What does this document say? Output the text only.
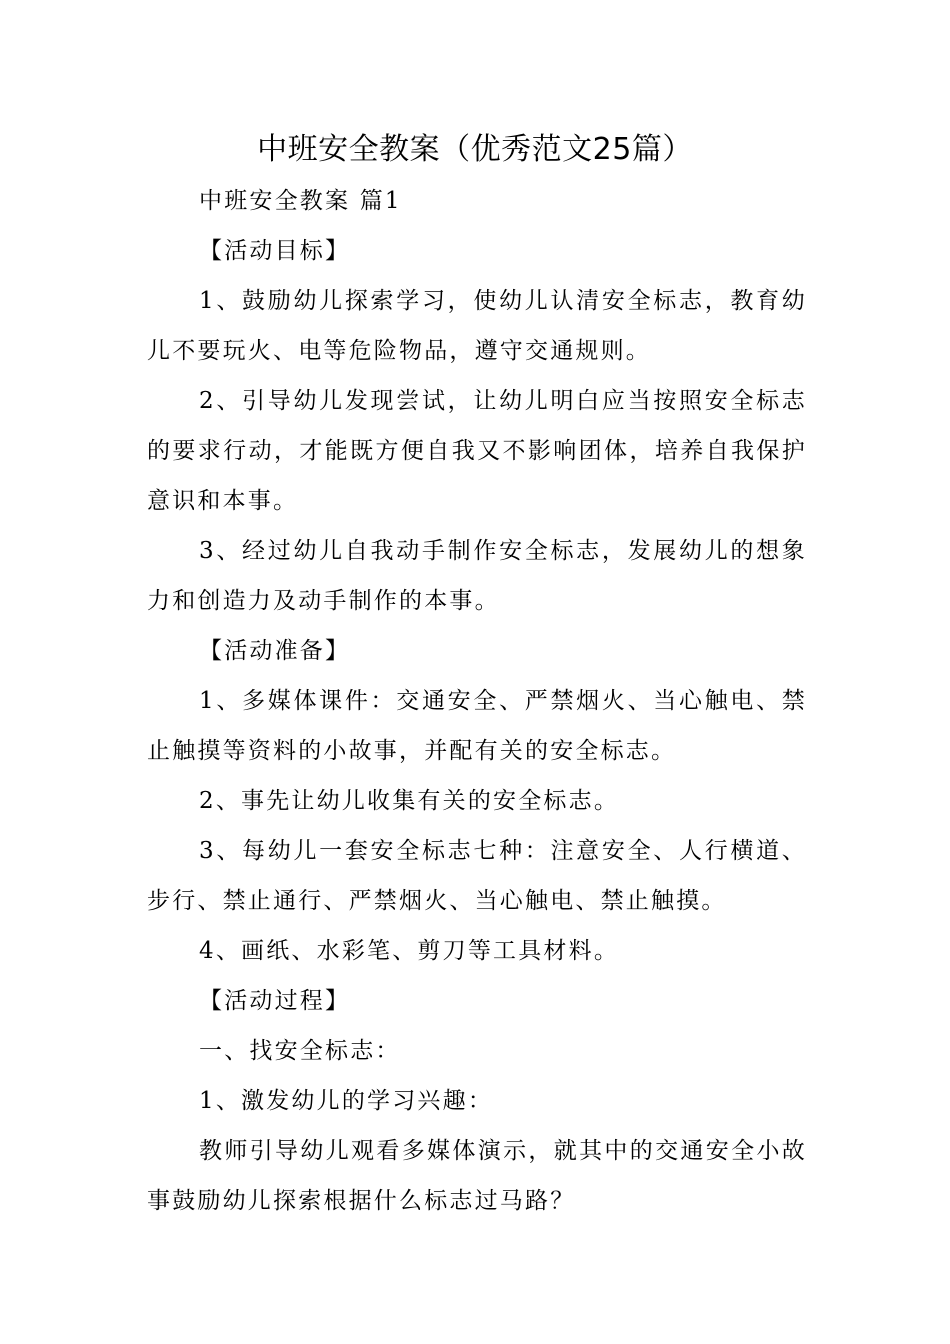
中班安全教案（优秀范文25篇）

中班安全教案 篇1

【活动目标】

1、鼓励幼儿探索学习，使幼儿认清安全标志，教育幼儿不要玩火、电等危险物品，遵守交通规则。

2、引导幼儿发现尝试，让幼儿明白应当按照安全标志的要求行动，才能既方便自我又不影响团体，培养自我保护意识和本事。

3、经过幼儿自我动手制作安全标志，发展幼儿的想象力和创造力及动手制作的本事。

【活动准备】

1、多媒体课件：交通安全、严禁烟火、当心触电、禁止触摸等资料的小故事，并配有关的安全标志。

2、事先让幼儿收集有关的安全标志。

3、每幼儿一套安全标志七种：注意安全、人行横道、步行、禁止通行、严禁烟火、当心触电、禁止触摸。

4、画纸、水彩笔、剪刀等工具材料。

【活动过程】

一、找安全标志：

1、激发幼儿的学习兴趣：

教师引导幼儿观看多媒体演示，就其中的交通安全小故事鼓励幼儿探索根据什么标志过马路？
